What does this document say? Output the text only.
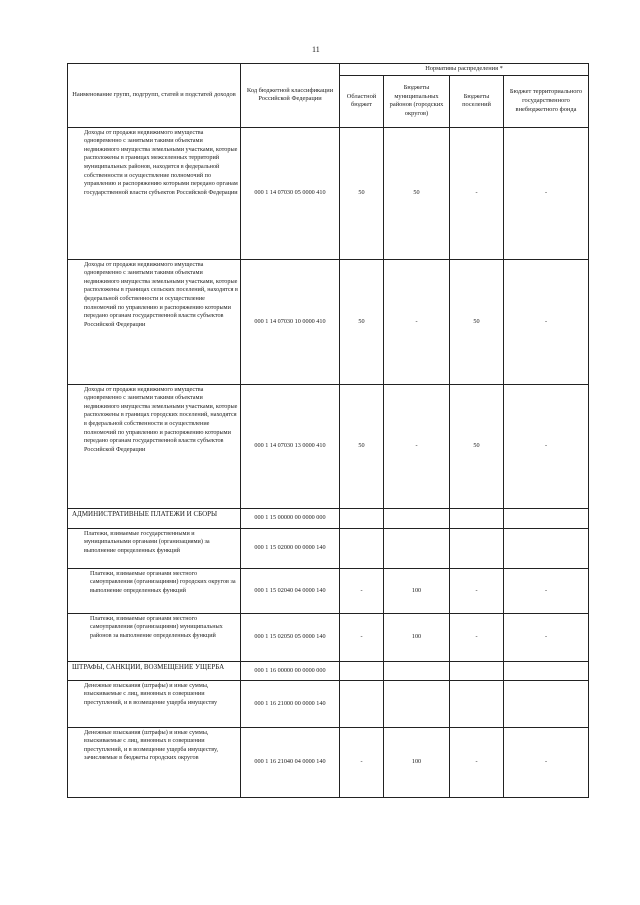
11
Наименование групп, подгрупп, статей и подстатей доходов	Код бюджетной классификации Российской Федерации	Нормативы распределения *			
		Областной бюджет	Бюджеты муниципальных районов (городских округов)	Бюджеты поселений	Бюджет территориального государственного внебюджетного фонда
Доходы от продажи недвижимого имущества одновременно с занятыми такими объектами недвижимого имущества земельными участками, которые расположены в границах межселенных территорий муниципальных районов, находятся в федеральной собственности и осуществление полномочий по управлению и распоряжению которыми передано органам государственной власти субъектов Российской Федерации	000 1 14 07030 05 0000 410	50	50	-	-
Доходы от продажи недвижимого имущества одновременно с занятыми такими объектами недвижимого имущества земельными участками, которые расположены в границах сельских поселений, находятся в федеральной собственности и осуществление полномочий по управлению и распоряжению которыми передано органам государственной власти субъектов Российской Федерации	000 1 14 07030 10 0000 410	50	-	50	-
Доходы от продажи недвижимого имущества одновременно с занятыми такими объектами недвижимого имущества земельными участками, которые расположены в границах городских поселений, находятся в федеральной собственности и осуществление полномочий по управлению и распоряжению которыми передано органам государственной власти субъектов Российской Федерации	000 1 14 07030 13 0000 410	50	-	50	-
АДМИНИСТРАТИВНЫЕ ПЛАТЕЖИ И СБОРЫ	000 1 15 00000 00 0000 000				
Платежи, взимаемые государственными и муниципальными органами (организациями) за выполнение определенных функций	000 1 15 02000 00 0000 140				
Платежи, взимаемые органами местного самоуправления (организациями) городских округов за выполнение определенных функций	000 1 15 02040 04 0000 140	-	100	-	-
Платежи, взимаемые органами местного самоуправления (организациями) муниципальных районов за выполнение определенных функций	000 1 15 02050 05 0000 140	-	100	-	-
ШТРАФЫ, САНКЦИИ, ВОЗМЕЩЕНИЕ УЩЕРБА	000 1 16 00000 00 0000 000				
Денежные взыскания (штрафы) и иные суммы, взыскиваемые с лиц, виновных в совершении преступлений, и в возмещение ущерба имуществу	000 1 16 21000 00 0000 140				
Денежные взыскания (штрафы) и иные суммы, взыскиваемые с лиц, виновных в совершении преступлений, и в возмещение ущерба имуществу, зачисляемые в бюджеты городских округов	000 1 16 21040 04 0000 140	-	100	-	-
